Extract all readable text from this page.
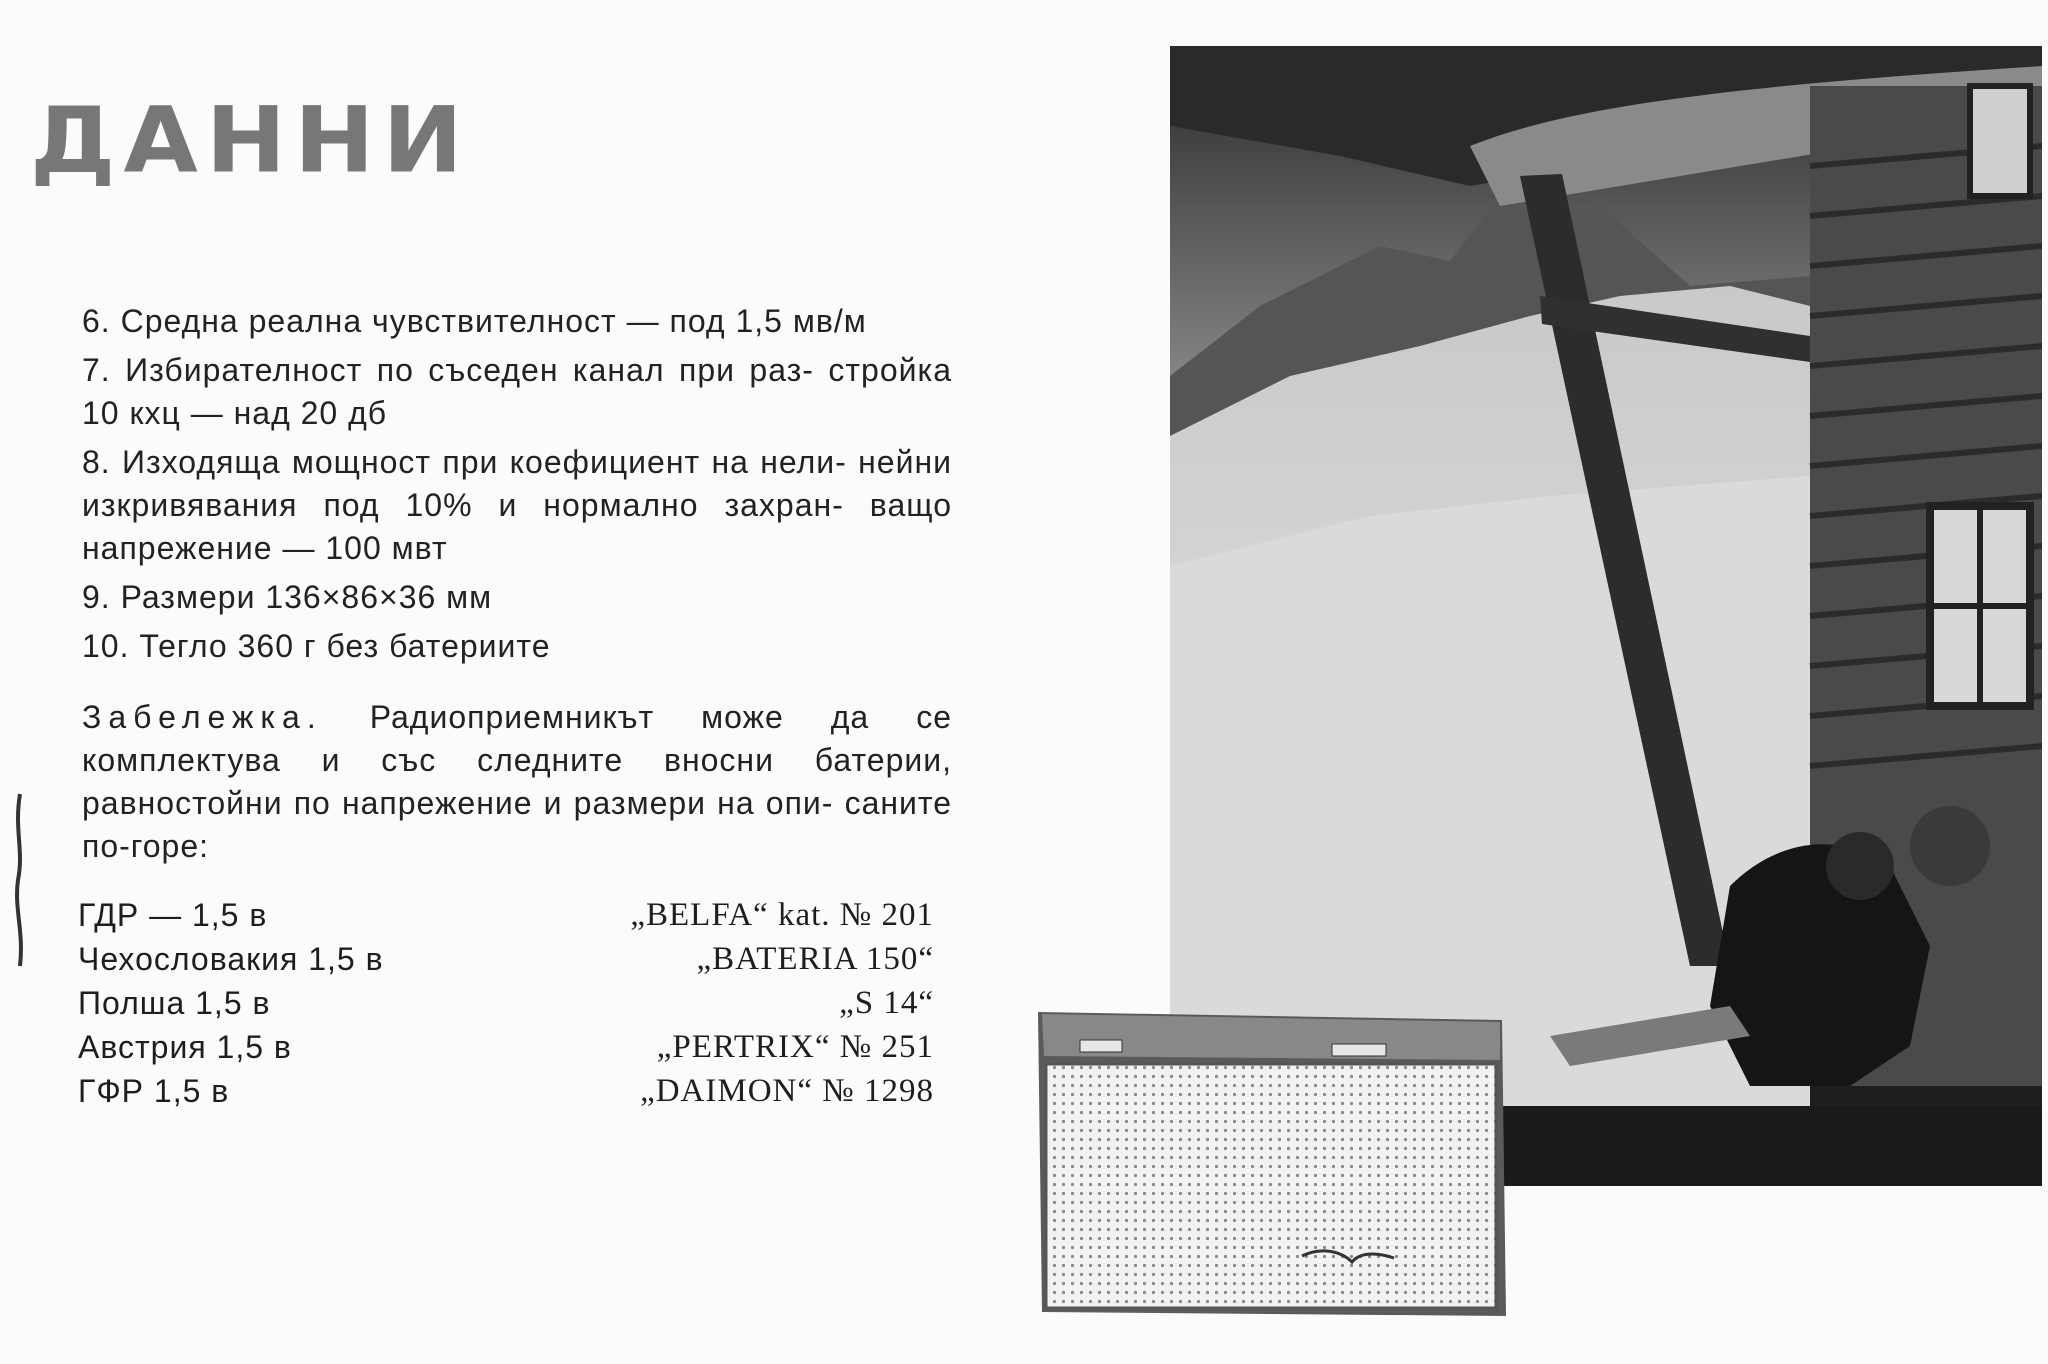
ДАННИ

6. Средна реална чувствителност — под 1,5 мв/м

7. Избирателност по съседен канал при раз- стройка 10 кхц — над 20 дб

8. Изходяща мощност при коефициент на нели- нейни изкривявания под 10% и нормално захран- ващо напрежение — 100 мвт

9. Размери 136×86×36 мм

10. Тегло 360 г без батериите

Забележка. Радиоприемникът може да се комплектува и със следните вносни батерии, равностойни по напрежение и размери на опи- саните по-горе:

ГДР — 1,5 в	„BELFA“ kat. № 201
Чехословакия 1,5 в	„BATERIA 150“
Полша 1,5 в	„S 14“
Австрия 1,5 в	„PERTRIX“ № 251
ГФР 1,5 в	„DAIMON“ № 1298
